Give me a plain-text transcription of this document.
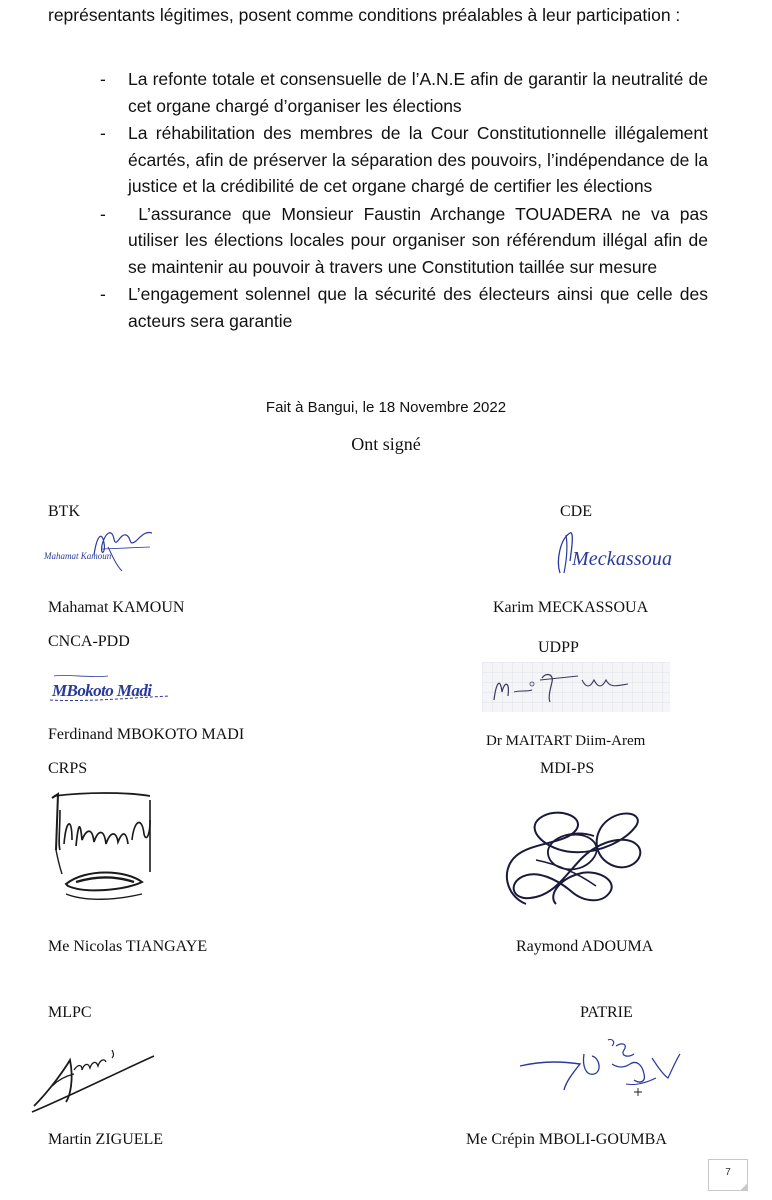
représentants légitimes, posent comme conditions préalables à leur participation :

- La refonte totale et consensuelle de l’A.N.E afin de garantir la neutralité de cet organe chargé d’organiser les élections
- La réhabilitation des membres de la Cour Constitutionnelle illégalement écartés, afin de préserver la séparation des pouvoirs, l’indépendance de la justice et la crédibilité de cet organe chargé de certifier les élections
- L’assurance que Monsieur Faustin Archange TOUADERA ne va pas utiliser les élections locales pour organiser son référendum illégal afin de se maintenir au pouvoir à travers une Constitution taillée sur mesure
- L’engagement solennel que la sécurité des électeurs ainsi que celle des acteurs sera garantie
Fait à Bangui, le 18 Novembre 2022
Ont signé
BTK	CDE
Mahamat Kamoun	Meckassoua
Mahamat KAMOUN	Karim MECKASSOUA
CNCA-PDD	UDPP
MBokoto Madi
Ferdinand MBOKOTO MADI	Dr MAITART Diim-Arem
CRPS	MDI-PS
Me Nicolas TIANGAYE	Raymond ADOUMA
MLPC	PATRIE
Martin ZIGUELE	Me Crépin MBOLI-GOUMBA
7
